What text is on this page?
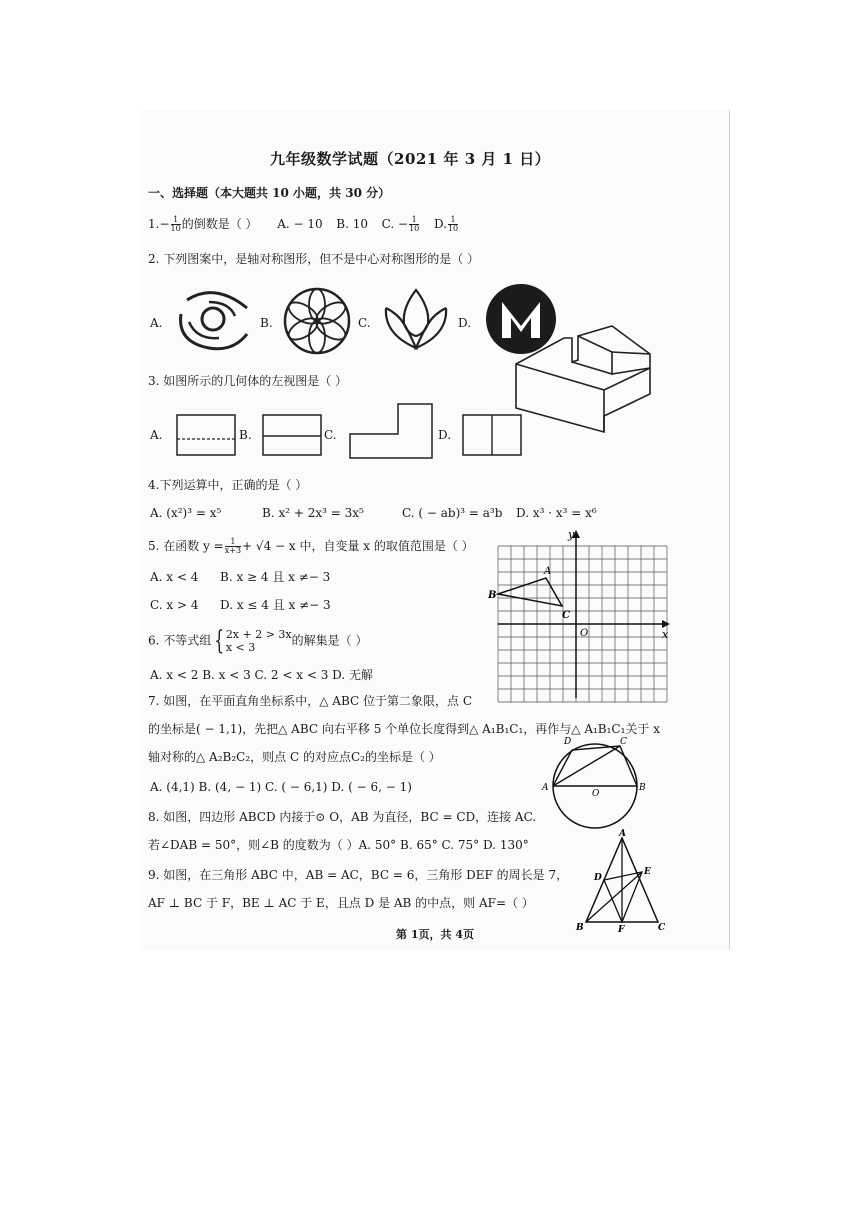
九年级数学试题（2021 年 3 月 1 日）
一、选择题（本大题共 10 小题，共 30 分）
$1.- \frac{1}{10}$ 的倒数是（ ） A. − 10 B. 10 C. − $\frac{1}{10} D$. $\frac{1}{10}$
2. 下列图案中，是轴对称图形，但不是中心对称图形的是（ ）
A.	B.	C.	D.
3. 如图所示的几何体的左视图是（ ）
A.	B.	C.	D.
4.下列运算中，正确的是（ ）
A. (x²)³ = x⁵	B. x² + 2x³ = 3x⁵	C. ( − ab)³ = a³b D. x³ · x³ = x⁶
5. 在函数 $y = \frac{1}{x+3} + √4 - x$ 中，自变量 x 的取值范围是（ ）
A. x < 4 B. x ≥ 4 且 x ≠− 3
C. x > 4 D. x ≤ 4 且 x ≠− 3
y
x
O
A
B
C
6. 不等式组 { 2x + 2 > 3x
x < 3	的解集是（ ）
A. x < 2 B. x < 3 C. 2 < x < 3 D. 无解
7. 如图，在平面直角坐标系中，△ ABC 位于第二象限，点 C
的坐标是( − 1,1)，先把△ ABC 向右平移 5 个单位长度得到△ A₁B₁C₁，再作与△ A₁B₁C₁关于 x
轴对称的△ A₂B₂C₂，则点 C 的对应点C₂的坐标是（ ）
A. (4,1) B. (4, − 1) C. ( − 6,1) D. ( − 6, − 1)	A	B
C
D
O
8. 如图，四边形 ABCD 内接于⊙ O，AB 为直径，BC = CD，连接 AC.
若∠DAB = 50°，则∠B 的度数为（ ）A. 50° B. 65° C. 75° D. 130°
9. 如图，在三角形 ABC 中，AB = AC，BC = 6，三角形 DEF 的周长是 7，
AF ⊥ BC 于 F，BE ⊥ AC 于 E，且点 D 是 AB 的中点，则 AF=（ ）
A
B	C
D
E
F
第 1页，共 4页
